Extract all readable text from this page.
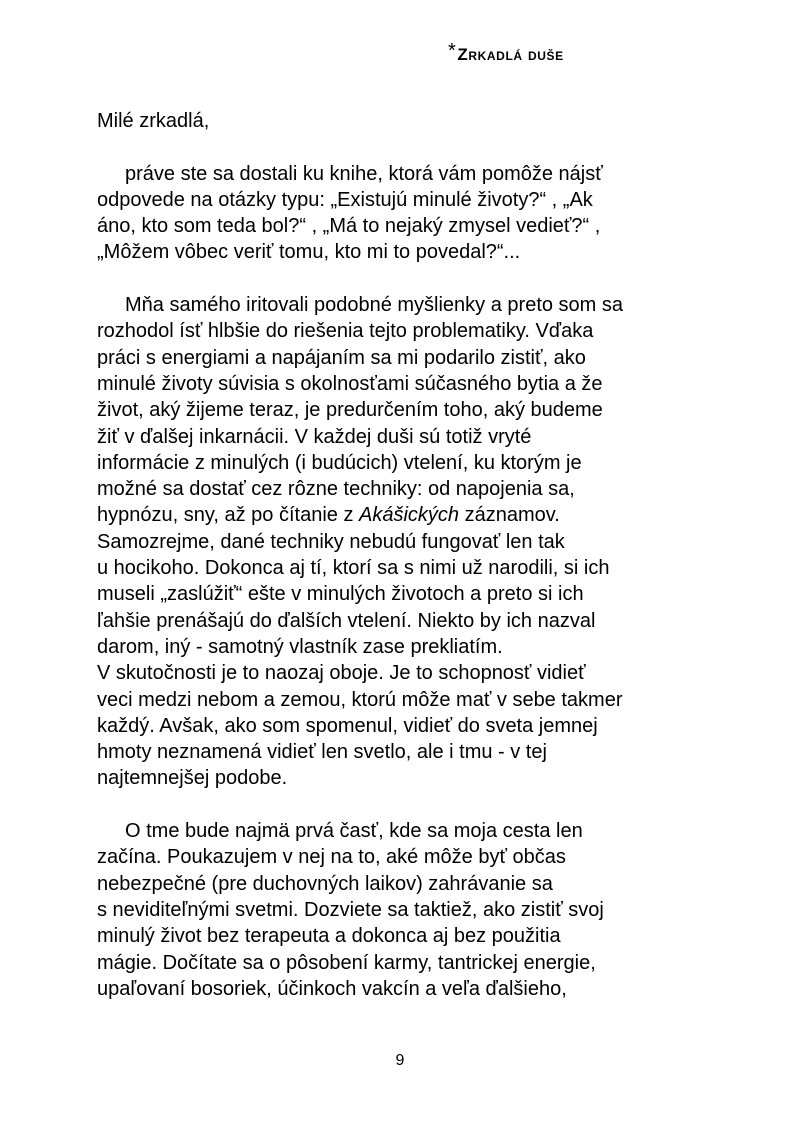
*Zrkadlá duše
Milé zrkadlá,
práve ste sa dostali ku knihe, ktorá vám pomôže nájsť
odpovede na otázky typu: „Existujú minulé životy?“ , „Ak
áno, kto som teda bol?“ , „Má to nejaký zmysel vedieť?“ ,
„Môžem vôbec veriť tomu, kto mi to povedal?“...
Mňa samého iritovali podobné myšlienky a preto som sa
rozhodol ísť hlbšie do riešenia tejto problematiky. Vďaka
práci s energiami a napájaním sa mi podarilo zistiť, ako
minulé životy súvisia s okolnosťami súčasného bytia a že
život, aký žijeme teraz, je predurčením toho, aký budeme
žiť v ďalšej inkarnácii. V každej duši sú totiž vryté
informácie z minulých (i budúcich) vtelení, ku ktorým je
možné sa dostať cez rôzne techniky: od napojenia sa,
hypnózu, sny, až po čítanie z Akášických záznamov.
Samozrejme, dané techniky nebudú fungovať len tak
u hocikoho. Dokonca aj tí, ktorí sa s nimi už narodili, si ich
museli „zaslúžiť“ ešte v minulých životoch a preto si ich
ľahšie prenášajú do ďalších vtelení. Niekto by ich nazval
darom, iný - samotný vlastník zase prekliatím.
V skutočnosti je to naozaj oboje. Je to schopnosť vidieť
veci medzi nebom a zemou, ktorú môže mať v sebe takmer
každý. Avšak, ako som spomenul, vidieť do sveta jemnej
hmoty neznamená vidieť len svetlo, ale i tmu - v tej
najtemnejšej podobe.
O tme bude najmä prvá časť, kde sa moja cesta len
začína. Poukazujem v nej na to, aké môže byť občas
nebezpečné (pre duchovných laikov) zahrávanie sa
s neviditeľnými svetmi. Dozviete sa taktiež, ako zistiť svoj
minulý život bez terapeuta a dokonca aj bez použitia
mágie. Dočítate sa o pôsobení karmy, tantrickej energie,
upaľovaní bosoriek, účinkoch vakcín a veľa ďalšieho,
9
